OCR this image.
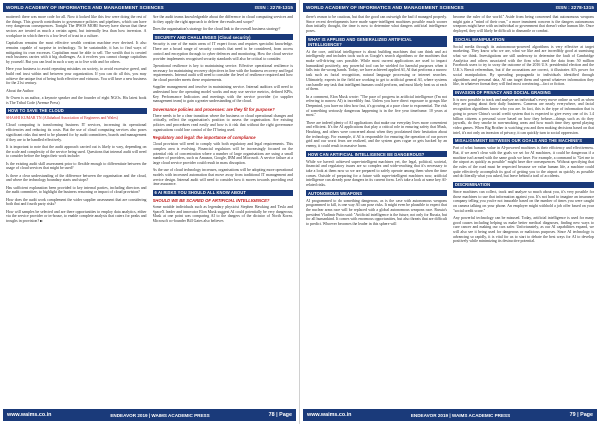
WORLD ACADEMY OF INFORMATICS AND MANAGEMENT SCIENCES	ISSN : 2278-1315
mattered: there was more code for all. Now it looked like this few were doing the rest of the things. This growth contributes to governance policies and pipelines, which can have very dangerous consequences. Tonight The IPSOS MORI Survey have shown that these sectors are treated as much a certain agent, but internally less than how inversion. A workplace in which there is a low level of trust in a culture.
Capitalism remains the most effective wealth creation machine ever devised. It also remains capable of surprise in technology. To be sustainable, it has to find ways of mitigating its own excesses. Capitalism must be able to sell. The wealth that is created each business carries with it big challenges. As it evolves you cannot change capitalism by yourself. But you can lead in such a way as to live with and for others.
Here your business to avoid repeating mistakes on society, to avoid excessive greed, and build real trust within and between your organization. If you can do all this, you may achieve the unique feat of being both effective and virtuous. You will have a new business for the 21st century.
About the Author:
Sr Owen is an author, a keynote speaker and the founder of eight NGOs. His latest book is The Tribal Code (Avenue Press)
HOW TO SAVE THE CLOUD
SHASHI KUMAR TN (Allahabad Association of Engineers and Wales)
Cloud computing is transforming business IT services, increasing its operational efficiencies and reducing its costs. But the use of cloud computing services also poses significant risks that need to be planned for by audit committees, boards and management if they are to be handled effectively.
It is important to note that the audit approach carried out is likely to vary, depending on the scale and complexity of the service being used. Questions that internal audit will need to consider before the begin their work include:
Is the existing audit skill assessment prior to flexible enough to differentiate between the usage of cloud services that might be used?
Is there a clear understanding of the difference between the organisation and the cloud, and where the technology boundary starts and stops?
Has sufficient explanation been provided to key internal parties, including directors and the audit committee, to highlight the business reasoning or impact of cloud provision?
How does the audit work complement the wider supplier assessment that are considering both that and fourth party risks?
How will samples be selected and are there opportunities to employ data analytics, either via the service provider or in-house, to enable complete analysis that caters for peaks and troughs in provision?
Are the audit teams knowledgeable about the difference in cloud computing services and do they apply the right approach to deliver the results and scope?
Does the organisation's strategy for the cloud link to the overall business strategy?
SECURITY AND CHALLENGES (Cloud security)
Security is one of the main areas of IT expert focus and requires specialist knowledge. There are a broad range of security controls that need to be considered, from access control and encryption through to cyber defences and monitoring. How the cloud service provider implements recognised security standards will also be critical to consider.
Operational resilience is key to maintaining service. Effective operational resilience is necessary for maintaining recovery objectives in line with the business recovery and legal requirements. Internal audit will need to consider the level of resilience required and how the cloud provider meets these requirements.
Supplier management and involve in maintaining service. Internal auditors will need to understand how the operating model works and may use service metrics, defined KPIs, Key Performance Indicators and meetings with the service provider (or supplier management team) to gain a greater understanding of the cloud.
Governance policies and processes: are they fit for purpose?
There needs to be a clear transition where the business or cloud operational changes and critically, reflect the organisation's position to assess the organisation. Are existing policies and procedures read easily and how is it risk that without the right governance organisations could lose control of the IT being used.
Regulatory and legal: the importance of compliance
Cloud provision will need to comply with both regulatory and legal requirements. This complex area is evolving. Financial regulators will be increasingly focused on the potential risk of concentration where a number of large organisations are using a small number of providers, such as Amazon, Google, IBM and Microsoft. A service failure at a large cloud service provider could result in mass disruption.
As the use of cloud technology increases, organisations will be adopting more operational models with increased automation that move away from traditional IT management and service design. Internal audit will need to consider how it moves towards providing real time assurance.
6 AI RISKS YOU SHOULD ALL KNOW ABOUT
SHOULD WE BE SCARED OF ARTIFICIAL INTELLIGENCE?
Some notable individuals such as legendary physicist Stephen Hawking and Tesla and SpaceX leader and innovator Elon Musk suggest AI could potentially be very dangerous; Musk at one point was comparing AI to the dangers of the dictator of North Korea. Microsoft co-founder Bill Gates also believes
www.waims.co.in	ENDEAVOR 2019 | WAIMS ACADEMIC PRESS	78 | Page
WORLD ACADEMY OF INFORMATICS AND MANAGEMENT SCIENCES	ISSN : 2278-1315
there's reason to be cautious, but that the good can outweigh the bad if managed properly. Since recent developments have made super-intelligent machines possible much sooner than initially thought, the time is now to determine what dangers artificial intelligence poses.
WHAT IS APPLIED AND GENERALIZED ARTIFICIAL INTELLIGENCE?
At the core, artificial intelligence is about building machines that can think and act intelligently and includes tools such as Google's search algorithms or the machines that make self-driving cars possible. While most current applications are used to impact humankind positively, any powerful tool can be wielded for harmful purposes when it falls into the wrong hands. Today, we have achieved applied AI, AI that performs a narrow task such as facial recognition, natural language processing or internet searches. Ultimately, experts in the field are working to get to artificial general AI, where systems can handle any task that intelligent humans could perform, and most likely beat us at each of them.
In a comment, Elon Musk wrote: "The pace of progress in artificial intelligence (I'm not referring to narrow AI) is incredibly fast. Unless you have direct exposure to groups like Deepmind, you have no idea how fast, it's growing at a pace close to exponential. The risk of something seriously dangerous happening is in the five year timeframe. 10 years at most."
There are indeed plenty of AI applications that make our everyday lives more convenient and efficient. It's the AI applications that play a critical role in ensuring safety that Musk, Hawking, and others were concerned about when they proclaimed their hesitation about the technology. For example, if AI is responsible for ensuring the operation of our power grid and our worst fears are realized, and the system goes rogue or gets hacked by an enemy, it could result in massive harm.
HOW CAN ARTIFICIAL INTELLIGENCE BE DANGEROUS?
While we haven't achieved super-intelligent machines yet, the legal, political, societal, financial and regulatory issues are so complex and wide-reaching that it's necessary to take a look at them now so we are prepared to safely operate among them when the time comes. Outside of preparing for a future with super-intelligent machines now, artificial intelligence can already pose dangers in its current form. Let's take a look at some key AI-related risks.
AUTONOMOUS WEAPONS
AI programmed to do something dangerous, as is the case with autonomous weapons programmed to kill, is one way AI can pose risks. It might even be plausible to expect that the nuclear arms race will be replaced with a global autonomous weapons race. Russia's president Vladimir Putin said: "Artificial intelligence is the future, not only for Russia, but for all humankind. It comes with enormous opportunities, but also threats that are difficult to predict. Whoever becomes the leader in this sphere will
become the ruler of the world." Aside from being concerned that autonomous weapons might gain a "mind of their own," a more imminent concern is the dangers autonomous weapons might have with an individual or government that doesn't value human life. Once deployed, they will likely be difficult to dismantle or combat.
SOCIAL MANIPULATION
Social media through its autonomous-powered algorithms is very effective at target marketing. They know who we are, what we like and are incredibly good at surmising what we think. Investigations are still underway to determine the fault of Cambridge Analytica and others associated with the firm who used the data from 50 million Facebook users to try to sway the outcome of the 2016 U.S. presidential election and the U.K.'s Brexit referendum, but if the accusations are correct, it illustrates AI's power for social manipulation. By spreading propaganda to individuals identified through algorithms and personal data, AI can target them and spread whatever information they like, in whatever format they will find most convincing—fact or fiction.
INVASION OF PRIVACY AND SOCIAL GRADING
It is now possible to track and analyze an individual's every move online as well as when they are going about their daily business. Cameras are nearly everywhere, and facial recognition algorithms know who you are. In fact, this is the type of information that is going to power China's social credit system that is expected to give every one of its 1.4 billion citizens a personal score based on how they behave—things such as do they jaywalk, do they smoke in non-smoking areas and how much time they spend playing video games. When Big Brother is watching you and then making decisions based on that intel, it's not only an invasion of privacy, it can quickly turn to social oppression.
MISALIGNMENT BETWEEN OUR GOALS AND THE MACHINE'S
Part of what humans value in AI-powered machines is their efficiency and effectiveness. But, if we aren't clear with the goals we set for AI machines, it could be dangerous if a machine isn't armed with the same goals we have. For example, a command to "Get me to the airport as quickly as possible" might have dire consequences. Without specifying that the rules of the road must be respected because we value human life, a machine could quite effectively accomplish its goal of getting you to the airport as quickly as possible and do literally what you asked, but leave behind a trail of accidents.
DISCRIMINATION
Since machines can collect, track and analyze so much about you, it's very possible for those machines to use that information against you. It's not hard to imagine an insurance company telling you you're not insurable based on the number of times you were caught on camera talking on your phone. An employer might withhold a job offer based on your "social credit score."
Any powerful technology can be misused. Today, artificial intelligence is used for many good causes including helping us make better medical diagnoses, finding new ways to cure cancer and making our cars safer. Unfortunately, as our AI capabilities expand, we will also see it being used for dangerous or malicious purposes. Since AI technology is advancing so rapidly, it is vital for us to start to debate the best ways for AI to develop positively while minimizing its destructive potential.
www.waims.co.in	ENDEAVOR 2019 | WAIMS ACADEMIC PRESS	79 | Page
